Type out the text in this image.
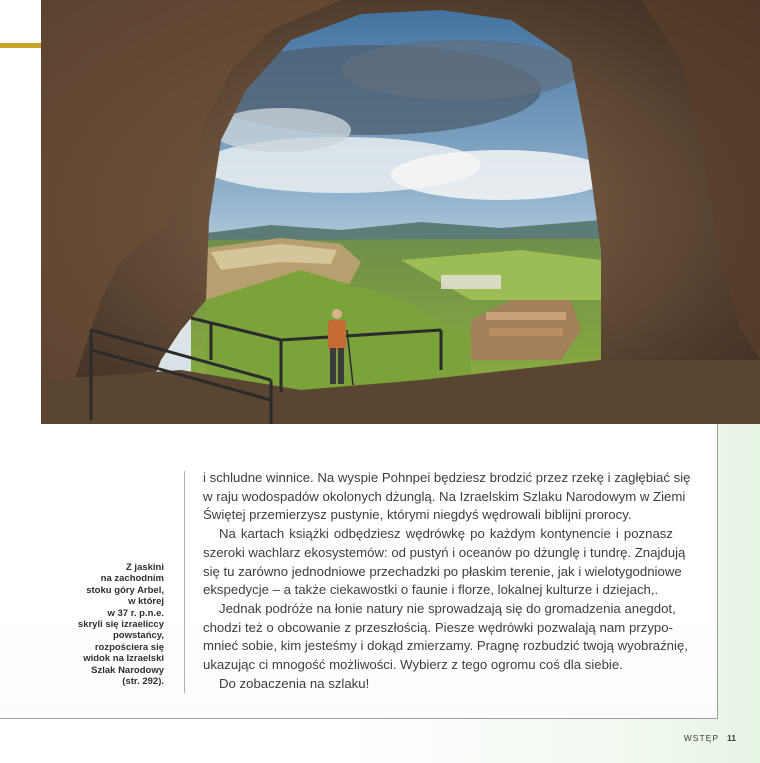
Z jaskini
na zachodnim
stoku góry Arbel,
w której
w 37 r. p.n.e.
skryli się izraeliccy
powstańcy,
rozpościera się
widok na Izraelski
Szlak Narodowy
(str. 292).
i schludne winnice. Na wyspie Pohnpei będziesz brodzić przez rzekę i zagłębiać się
w raju wodospadów okolonych dżunglą. Na Izraelskim Szlaku Narodowym w Ziemi
Świętej przemierzysz pustynie, którymi niegdyś wędrowali biblijni prorocy.
Na kartach książki odbędziesz wędrówkę po każdym kontynencie i poznasz
szeroki wachlarz ekosystemów: od pustyń i oceanów po dżunglę i tundrę. Znajdują
się tu zarówno jednodniowe przechadzki po płaskim terenie, jak i wielotygodniowe
ekspedycje – a także ciekawostki o faunie i florze, lokalnej kulturze i dziejach,.
Jednak podróże na łonie natury nie sprowadzają się do gromadzenia anegdot,
chodzi też o obcowanie z przeszłością. Piesze wędrówki pozwalają nam przypo-
mnieć sobie, kim jesteśmy i dokąd zmierzamy. Pragnę rozbudzić twoją wyobraźnię,
ukazując ci mnogość możliwości. Wybierz z tego ogromu coś dla siebie.
Do zobaczenia na szlaku!
WSTĘP 11
